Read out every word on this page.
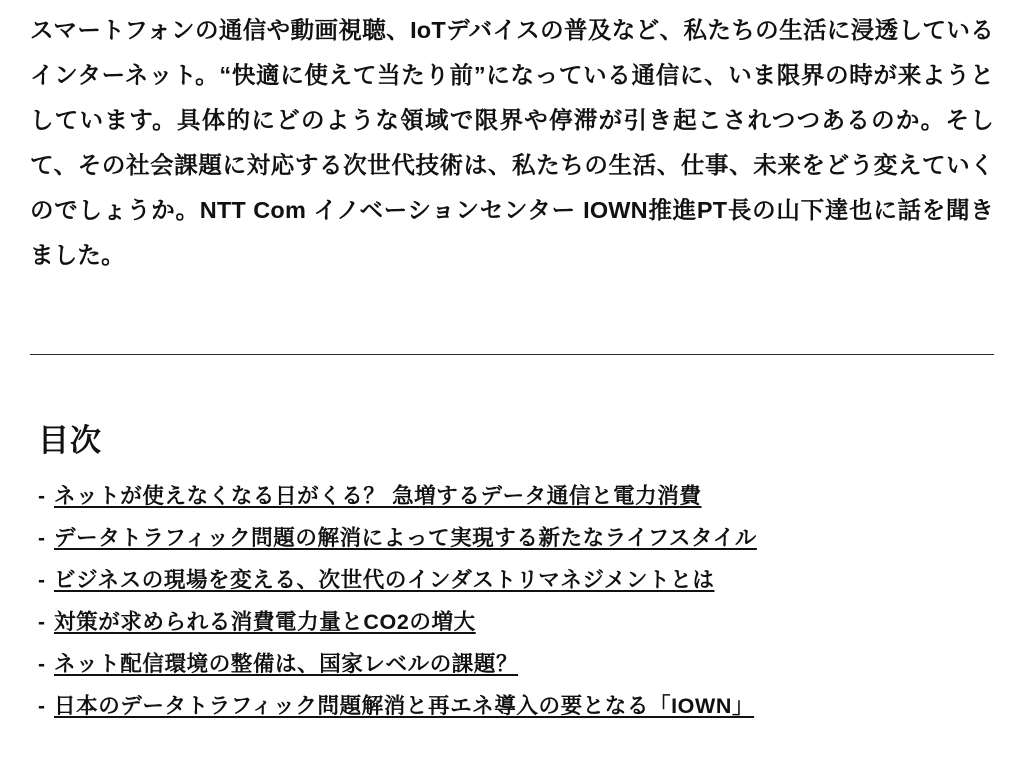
スマートフォンの通信や動画視聴、IoTデバイスの普及など、私たちの生活に浸透しているインターネット。“快適に使えて当たり前”になっている通信に、いま限界の時が来ようとしています。具体的にどのような領域で限界や停滞が引き起こされつつあるのか。そして、その社会課題に対応する次世代技術は、私たちの生活、仕事、未来をどう変えていくのでしょうか。NTT Com イノベーションセンター IOWN推進PT長の山下達也に話を聞きました。

目次
- ネットが使えなくなる日がくる？ 急増するデータ通信と電力消費
- データトラフィック問題の解消によって実現する新たなライフスタイル
- ビジネスの現場を変える、次世代のインダストリマネジメントとは
- 対策が求められる消費電力量とCO2の増大
- ネット配信環境の整備は、国家レベルの課題？
- 日本のデータトラフィック問題解消と再エネ導入の要となる「IOWN」
